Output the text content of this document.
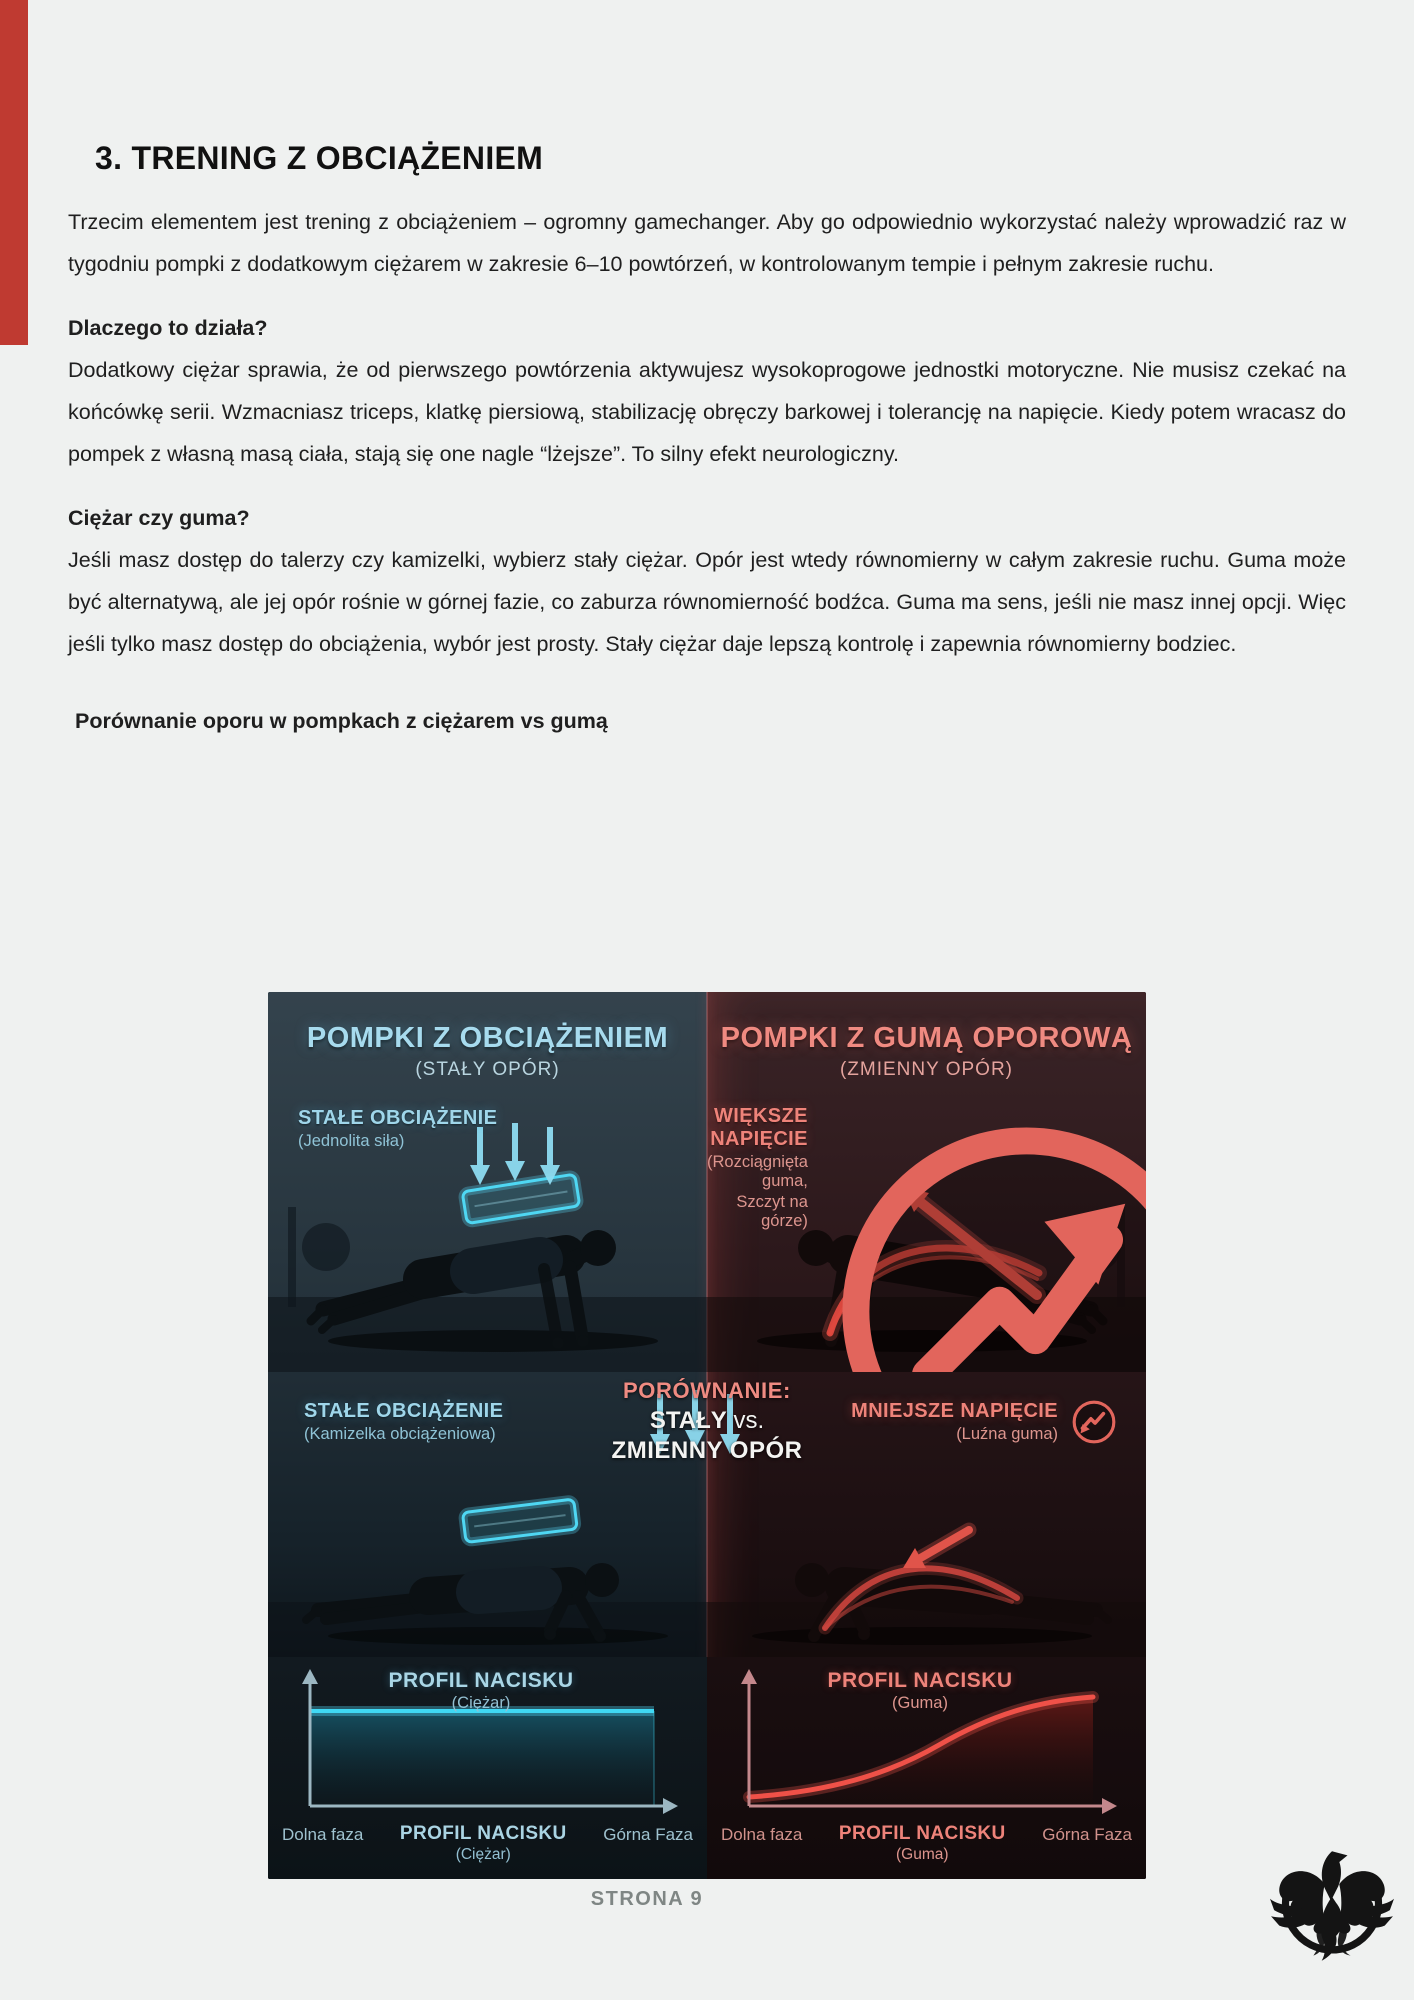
3. TRENING Z OBCIĄŻENIEM

Trzecim elementem jest trening z obciążeniem – ogromny gamechanger. Aby go odpowiednio wykorzystać należy wprowadzić raz w tygodniu pompki z dodatkowym ciężarem w zakresie 6–10 powtórzeń, w kontrolowanym tempie i pełnym zakresie ruchu.

Dlaczego to działa?

Dodatkowy ciężar sprawia, że od pierwszego powtórzenia aktywujesz wysokoprogowe jednostki motoryczne. Nie musisz czekać na końcówkę serii. Wzmacniasz triceps, klatkę piersiową, stabilizację obręczy barkowej i tolerancję na napięcie. Kiedy potem wracasz do pompek z własną masą ciała, stają się one nagle “lżejsze”. To silny efekt neurologiczny.

Ciężar czy guma?

Jeśli masz dostęp do talerzy czy kamizelki, wybierz stały ciężar. Opór jest wtedy równomierny w całym zakresie ruchu. Guma może być alternatywą, ale jej opór rośnie w górnej fazie, co zaburza równomierność bodźca. Guma ma sens, jeśli nie masz innej opcji. Więc jeśli tylko masz dostęp do obciążenia, wybór jest prosty. Stały ciężar daje lepszą kontrolę i zapewnia równomierny bodziec.

Porównanie oporu w pompkach z ciężarem vs gumą
POMPKI Z OBCIĄŻENIEM
(STAŁY OPÓR)
POMPKI Z GUMĄ OPOROWĄ
(ZMIENNY OPÓR)
STAŁE OBCIĄŻENIE
(Jednolita siła)
WIĘKSZE NAPIĘCIE
(Rozciągnięta guma,
Szczyt na górze)
STAŁE OBCIĄŻENIE
(Kamizelka obciążeniowa)
PORÓWNANIE:
STAŁY vs.
ZMIENNY OPÓR
MNIEJSZE NAPIĘCIE
(Luźna guma)
PROFIL NACISKU
(Ciężar)
Dolna faza PROFIL NACISKU
(Ciężar)
Górna Faza
PROFIL NACISKU
(Guma)
Dolna faza PROFIL NACISKU
(Guma)
Górna Faza
STRONA 9
